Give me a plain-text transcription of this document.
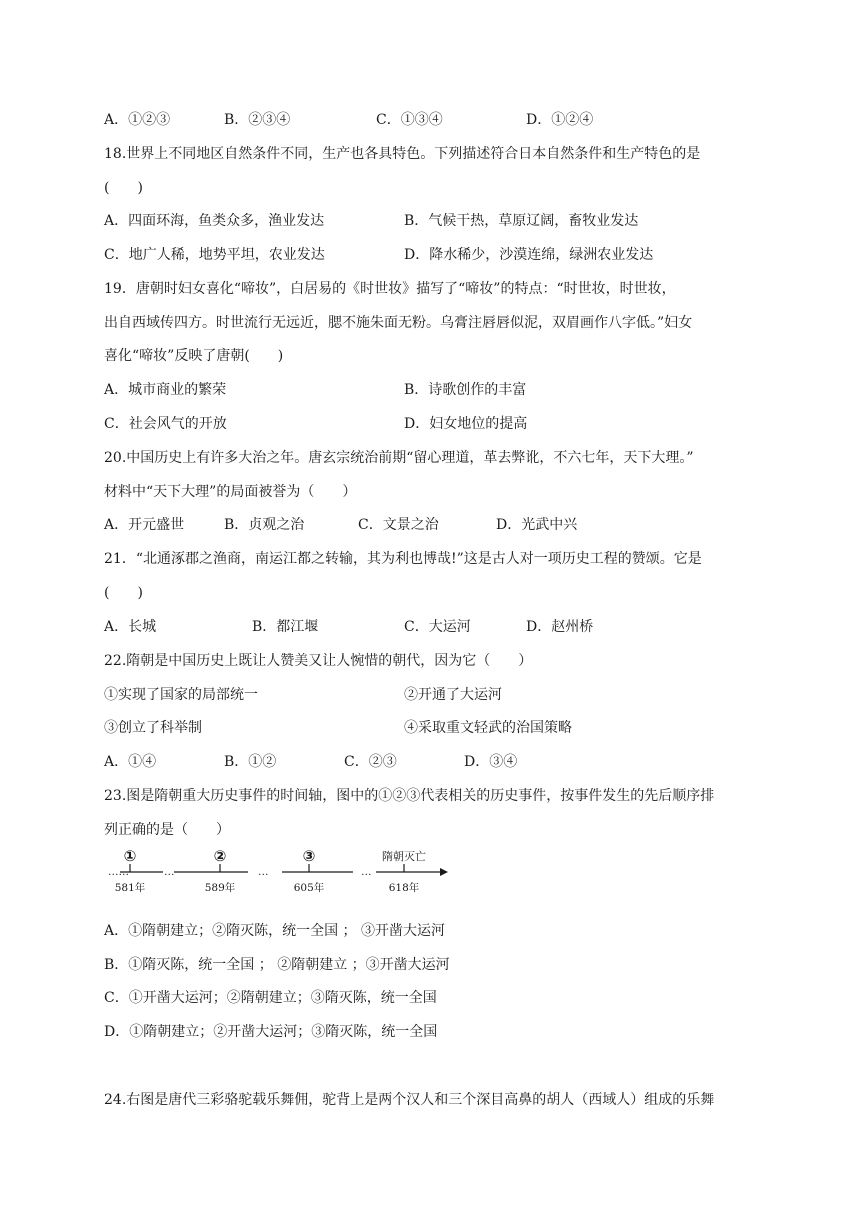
A．①②③	B．②③④	C．①③④	D．①②④
18.世界上不同地区自然条件不同，生产也各具特色。下列描述符合日本自然条件和生产特色的是
(　　)
A．四面环海，鱼类众多，渔业发达	B．气候干热，草原辽阔，畜牧业发达
C．地广人稀，地势平坦，农业发达	D．降水稀少，沙漠连绵，绿洲农业发达
19．唐朝时妇女喜化“啼妆”，白居易的《时世妆》描写了“啼妆”的特点：“时世妆，时世妆，
出自西域传四方。时世流行无远近，腮不施朱面无粉。乌膏注唇唇似泥，双眉画作八字低。”妇女
喜化“啼妆”反映了唐朝(　　)
A．城市商业的繁荣	B．诗歌创作的丰富
C．社会风气的开放	D．妇女地位的提高
20.中国历史上有许多大治之年。唐玄宗统治前期“留心理道，革去弊讹，不六七年，天下大理。”
材料中“天下大理”的局面被誉为（　　）
A．开元盛世	B．贞观之治	C．文景之治	D．光武中兴
21．“北通涿郡之渔商，南运江都之转输，其为利也博哉!”这是古人对一项历史工程的赞颂。它是
(　　)
A．长城	B．都江堰	C．大运河	D．赵州桥
22.隋朝是中国历史上既让人赞美又让人惋惜的朝代，因为它（　　）
①实现了国家的局部统一	②开通了大运河
③创立了科举制	④采取重文轻武的治国策略
A．①④	B．①②	C．②③	D．③④
23.图是隋朝重大历史事件的时间轴，图中的①②③代表相关的历史事件，按事件发生的先后顺序排
列正确的是（　　）
……	…	…	…
①	②	③	隋朝灭亡
581年	589年	605年	618年
A．①隋朝建立；②隋灭陈，统一全国 ； ③开凿大运河
B．①隋灭陈，统一全国 ； ②隋朝建立 ；③开凿大运河
C．①开凿大运河；②隋朝建立；③隋灭陈，统一全国
D．①隋朝建立；②开凿大运河；③隋灭陈，统一全国
24.右图是唐代三彩骆驼载乐舞佣，驼背上是两个汉人和三个深目高鼻的胡人（西域人）组成的乐舞
